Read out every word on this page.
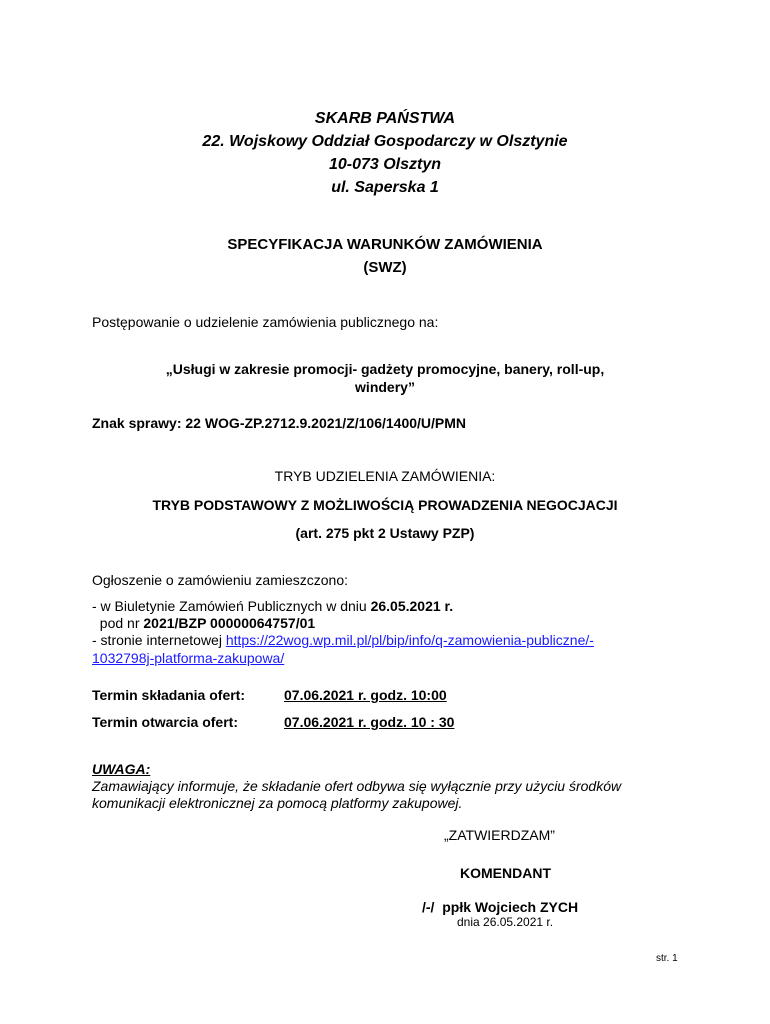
SKARB PAŃSTWA
22. Wojskowy Oddział Gospodarczy w Olsztynie
10-073 Olsztyn
ul. Saperska 1
SPECYFIKACJA WARUNKÓW ZAMÓWIENIA
(SWZ)
Postępowanie o udzielenie zamówienia publicznego na:
„Usługi w zakresie promocji- gadżety promocyjne, banery, roll-up,
windery”
Znak sprawy: 22 WOG-ZP.2712.9.2021/Z/106/1400/U/PMN
TRYB UDZIELENIA ZAMÓWIENIA:
TRYB PODSTAWOWY Z MOŻLIWOŚCIĄ PROWADZENIA NEGOCJACJI
(art. 275 pkt 2 Ustawy PZP)
Ogłoszenie o zamówieniu zamieszczono:
- w Biuletynie Zamówień Publicznych w dniu 26.05.2021 r.
pod nr 2021/BZP 00000064757/01
- stronie internetowej https://22wog.wp.mil.pl/pl/bip/info/q-zamowienia-publiczne/-
1032798j-platforma-zakupowa/
Termin składania ofert:	07.06.2021 r. godz. 10:00
Termin otwarcia ofert:	07.06.2021 r. godz. 10 : 30
UWAGA:
Zamawiający informuje, że składanie ofert odbywa się wyłącznie przy użyciu środków
komunikacji elektronicznej za pomocą platformy zakupowej.
„ZATWIERDZAM”
KOMENDANT
/-/  ppłk Wojciech ZYCH
dnia 26.05.2021 r.
str. 1
